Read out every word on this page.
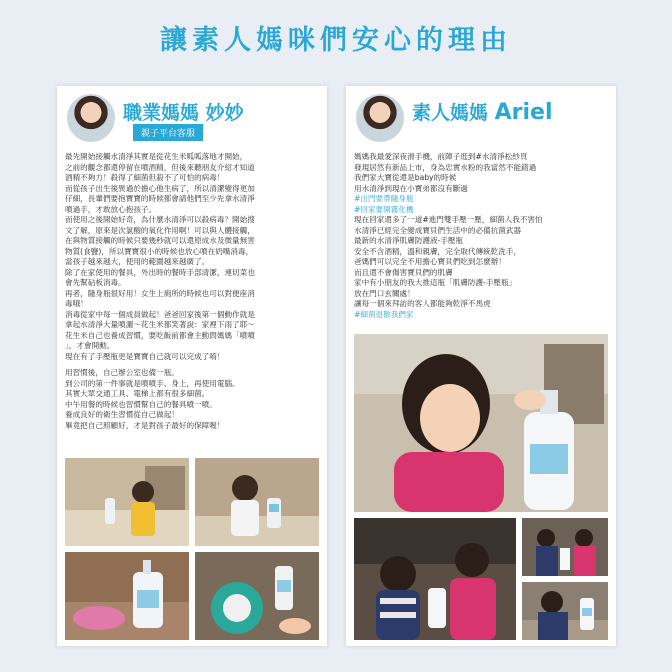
讓素人媽咪們安心的理由
職業媽媽 妙妙
親子平台客服

最先開始接觸水清淨其實是從花生米呱呱落地才開始，

之前的觀念都還停留在噴酒精，但後來聽朋友介紹才知道

酒精不夠力！殺得了細菌但殺不了可怕的病毒！

而從孩子出生後異過於擔心他生病了，所以清潔變得更加

仔細，長輩們要抱寶寶的時候都會請他們至少先拿水清淨

噴過手，才敢放心抱孩子。

而使用之後開始好奇，為什麼水清淨可以殺病毒？開始搜

文了解，原來是次氯酸的氧化作用啊！可以與人體接觸，

在與物質接觸的時候只要幾秒就可以還原成水及微量無害

物質(食鹽)，所以寶寶很小的時候也放心噴在奶嘴消毒，

當孩子越來越大，使用的範圍越來越廣了。

除了在家使用的餐具，外出時的餐時手部清潔，連切菜也

會先幫砧板消毒。

再者，隨身瓶很好用！女生上廁所的時候也可以對便座消

毒哦！

消毒從家中每一個成員做起！爸爸回家後第一個動作就是

拿起水清淨大量噴灑～花生米都笑著說：家裡下雨了耶～

花生米自己也養成習慣，要吃飯前都會主動問媽媽「噴噴

」，才會開動。

現在有了手壓瓶更是寶寶自己就可以完成了唷！

用習慣後，自己辦公室也備一瓶。

到公司的第一件事就是噴噴手、身上，再使用電腦。

其實大眾交通工具、電梯上都有很多細菌。

中午用餐的時候也習慣幫自己的餐具噴一噴。

養成良好的衛生習慣從自己做起！

畢竟把自己照顧好，才是對孩子最好的保障喔！

素人媽媽 Ariel

媽媽我最愛深夜滑手機，前陣子逛到#水清淨松紗頁

發現居然有新品上市，身為忠實水粉的我當然不能錯過

我們家大寶從還是baby的時候

用水清淨到現在小寶弟都沒有斷過

#出門要帶隨身瓶

#回家要開霧化機

現在回家還多了一道#進門雙手壓一壓，細菌人我不害怕

水清淨已經完全變成寶貝們生活中的必備抗菌武器

最新的水清淨肌膚防護液-手壓瓶

安全不含酒精，溫和親膚，完全取代傳統乾洗手，

爸媽們可以完全不用擔心寶貝們吃到怎麼辦！

而且還不會傷害寶貝們的肌膚

家中有小朋友的我大推這瓶「肌膚防護-手壓瓶」

放在門口玄關處！

讓每一個來拜訪的客人都能夠乾淨不馬虎

#細菌退散我們家
